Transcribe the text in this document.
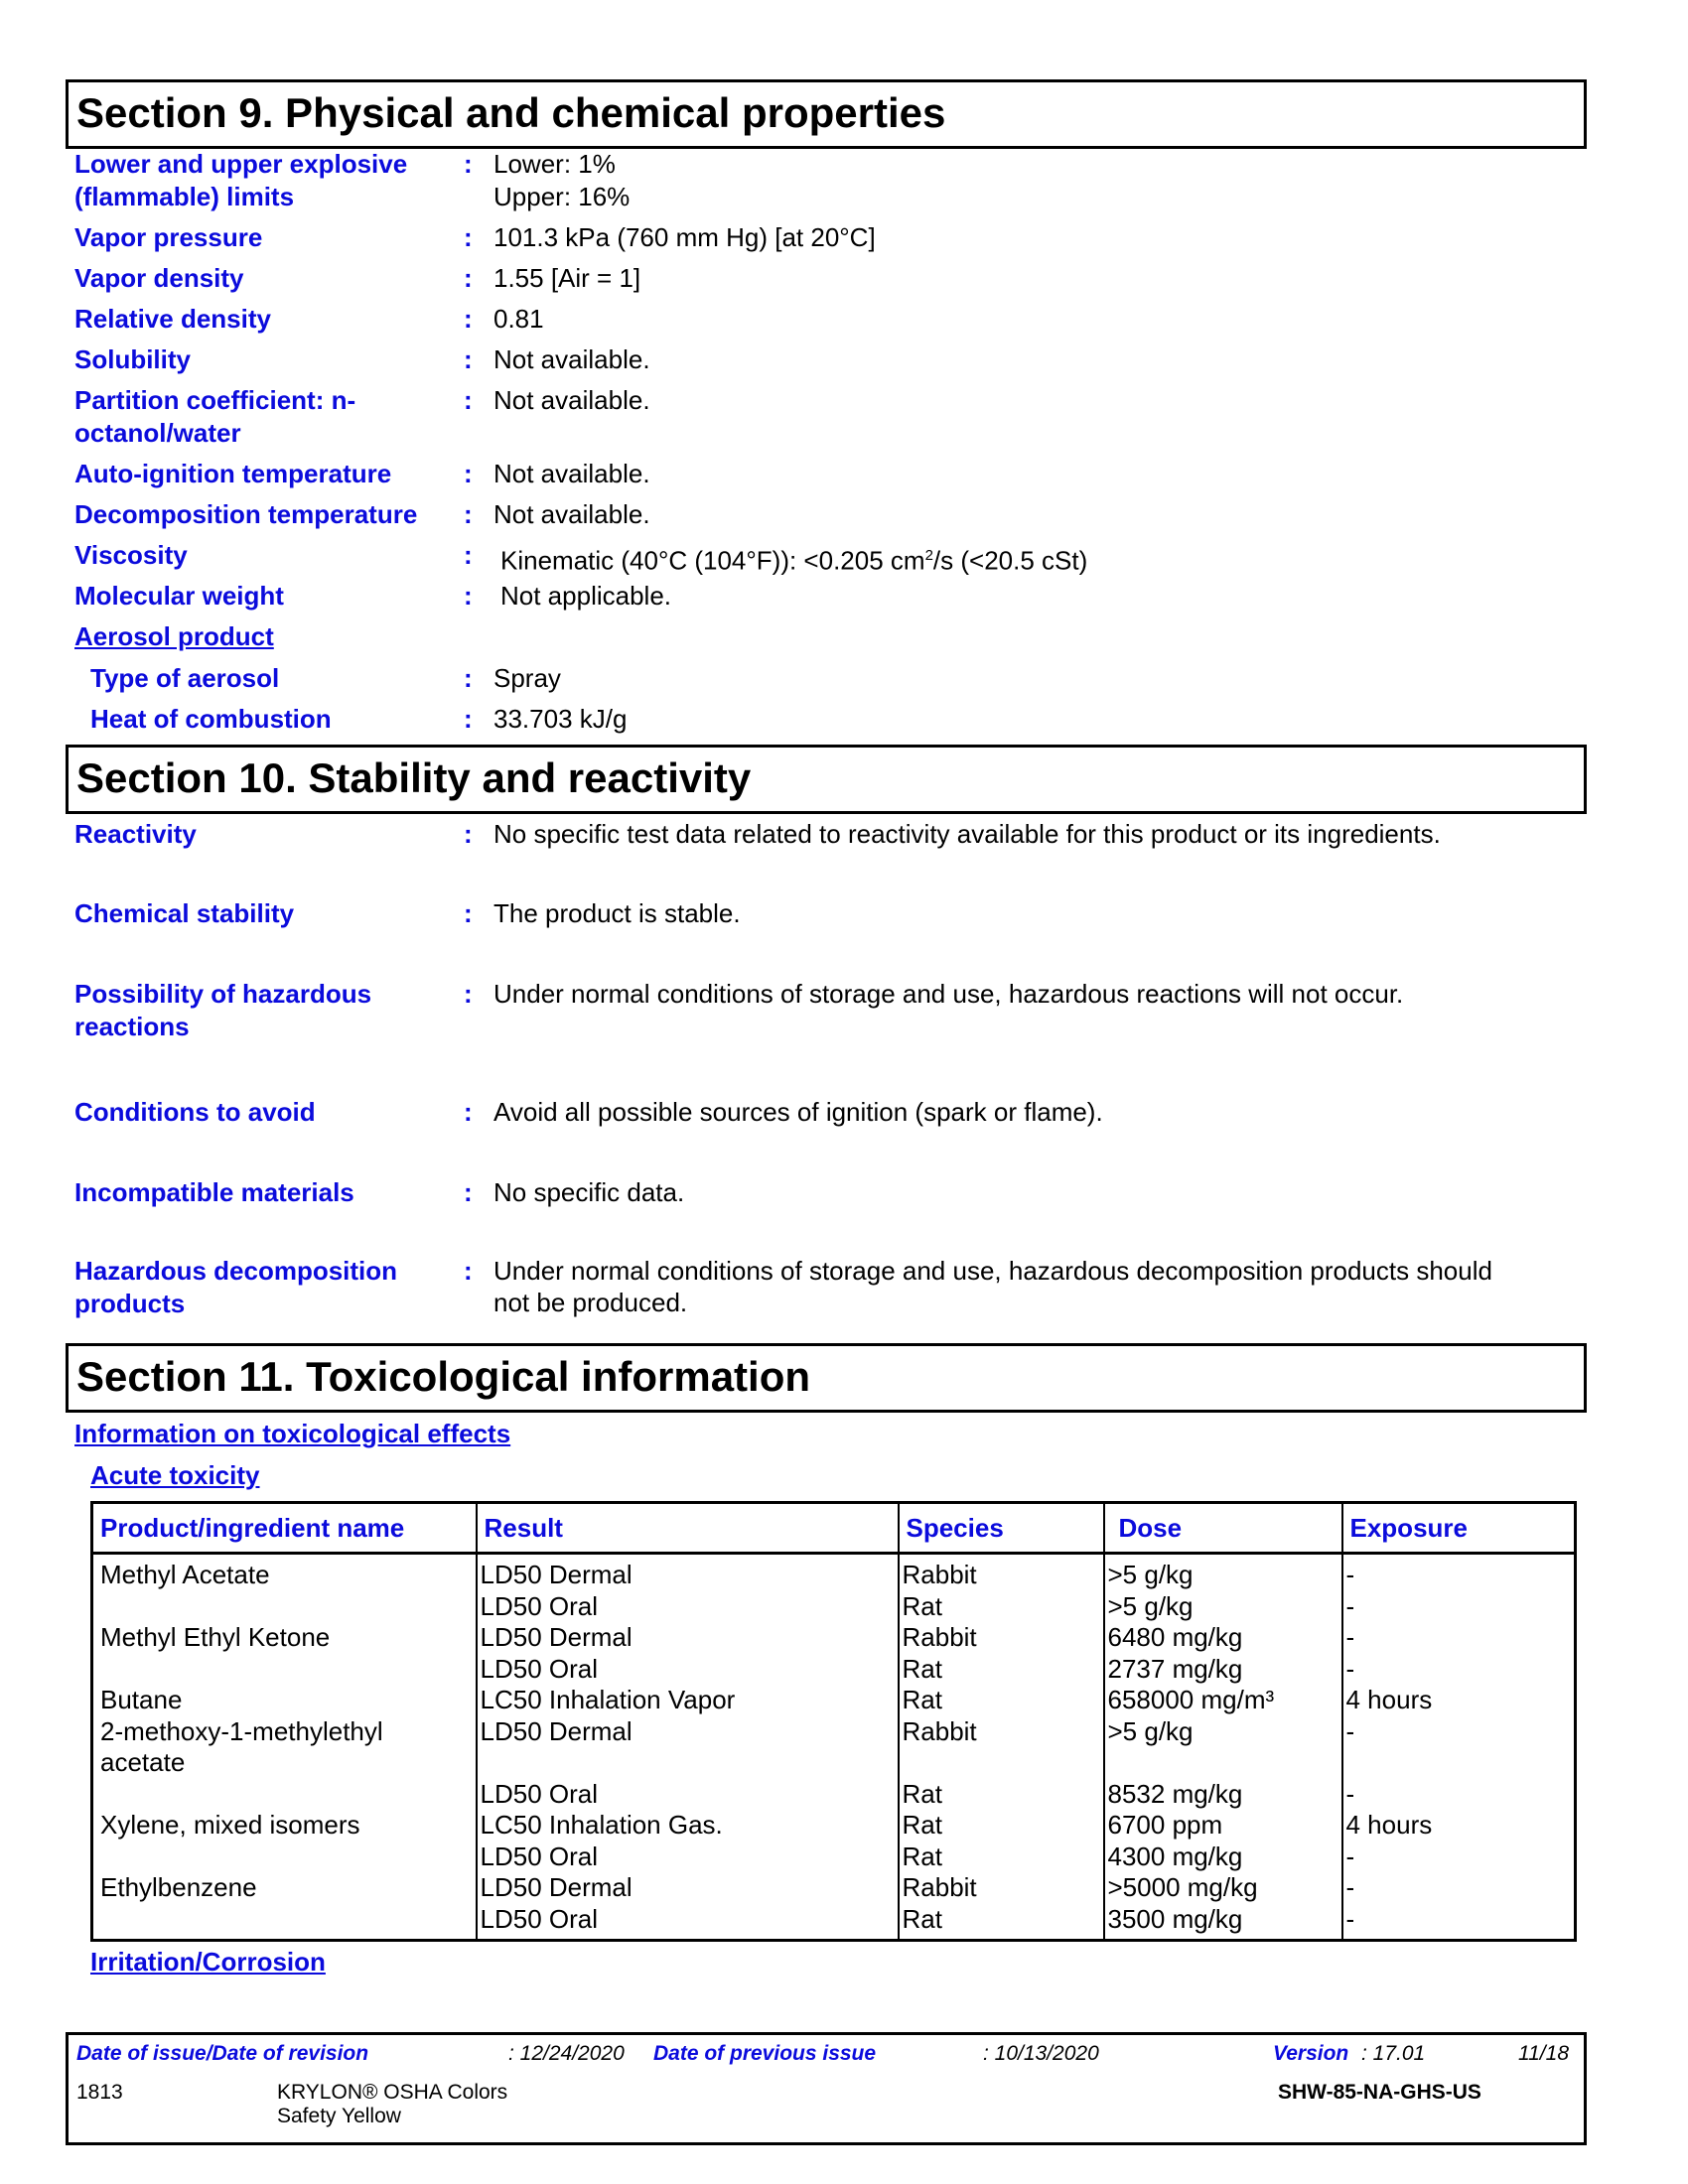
Section 9. Physical and chemical properties
Lower and upper explosive
(flammable) limits
: Lower: 1%
Upper: 16%
Vapor pressure	: 101.3 kPa (760 mm Hg) [at 20°C]
Vapor density	: 1.55 [Air = 1]
Relative density	: 0.81
Solubility	: Not available.
Partition coefficient: n-
octanol/water
: Not available.
Auto-ignition temperature	: Not available.
Decomposition temperature : Not available.
Viscosity	: Kinematic (40°C (104°F)): <0.205 $cm^2/s$ (<20.5 cSt)
Molecular weight	: Not applicable.
Aerosol product
Type of aerosol	: Spray
Heat of combustion	: 33.703 kJ/g
Section 10. Stability and reactivity
Reactivity	: No specific test data related to reactivity available for this product or its ingredients.
Chemical stability	: The product is stable.
Possibility of hazardous
reactions
: Under normal conditions of storage and use, hazardous reactions will not occur.
Conditions to avoid	: Avoid all possible sources of ignition (spark or flame).
Incompatible materials	: No specific data.
Hazardous decomposition
products
: Under normal conditions of storage and use, hazardous decomposition products should
not be produced.
Section 11. Toxicological information
Information on toxicological effects
Acute toxicity
Product/ingredient name	Result	Species	Dose	Exposure
Methyl Acetate	LD50 Dermal	Rabbit	>5 g/kg	-
	LD50 Oral	Rat	>5 g/kg	-
Methyl Ethyl Ketone	LD50 Dermal	Rabbit	6480 mg/kg	-
	LD50 Oral	Rat	2737 mg/kg	-
Butane	LC50 Inhalation Vapor	Rat	658000 mg/m³	4 hours
2-methoxy-1-methylethyl	LD50 Dermal	Rabbit	>5 g/kg	-
acetate				
	LD50 Oral	Rat	8532 mg/kg	-
Xylene, mixed isomers	LC50 Inhalation Gas.	Rat	6700 ppm	4 hours
	LD50 Oral	Rat	4300 mg/kg	-
Ethylbenzene	LD50 Dermal	Rabbit	>5000 mg/kg	-
	LD50 Oral	Rat	3500 mg/kg	-
Irritation/Corrosion
Date of issue/Date of revision	: 12/24/2020 Date of previous issue	: 10/13/2020	Version : 17.01	11/18
1813	KRYLON® OSHA Colors
Safety Yellow
SHW-85-NA-GHS-US
